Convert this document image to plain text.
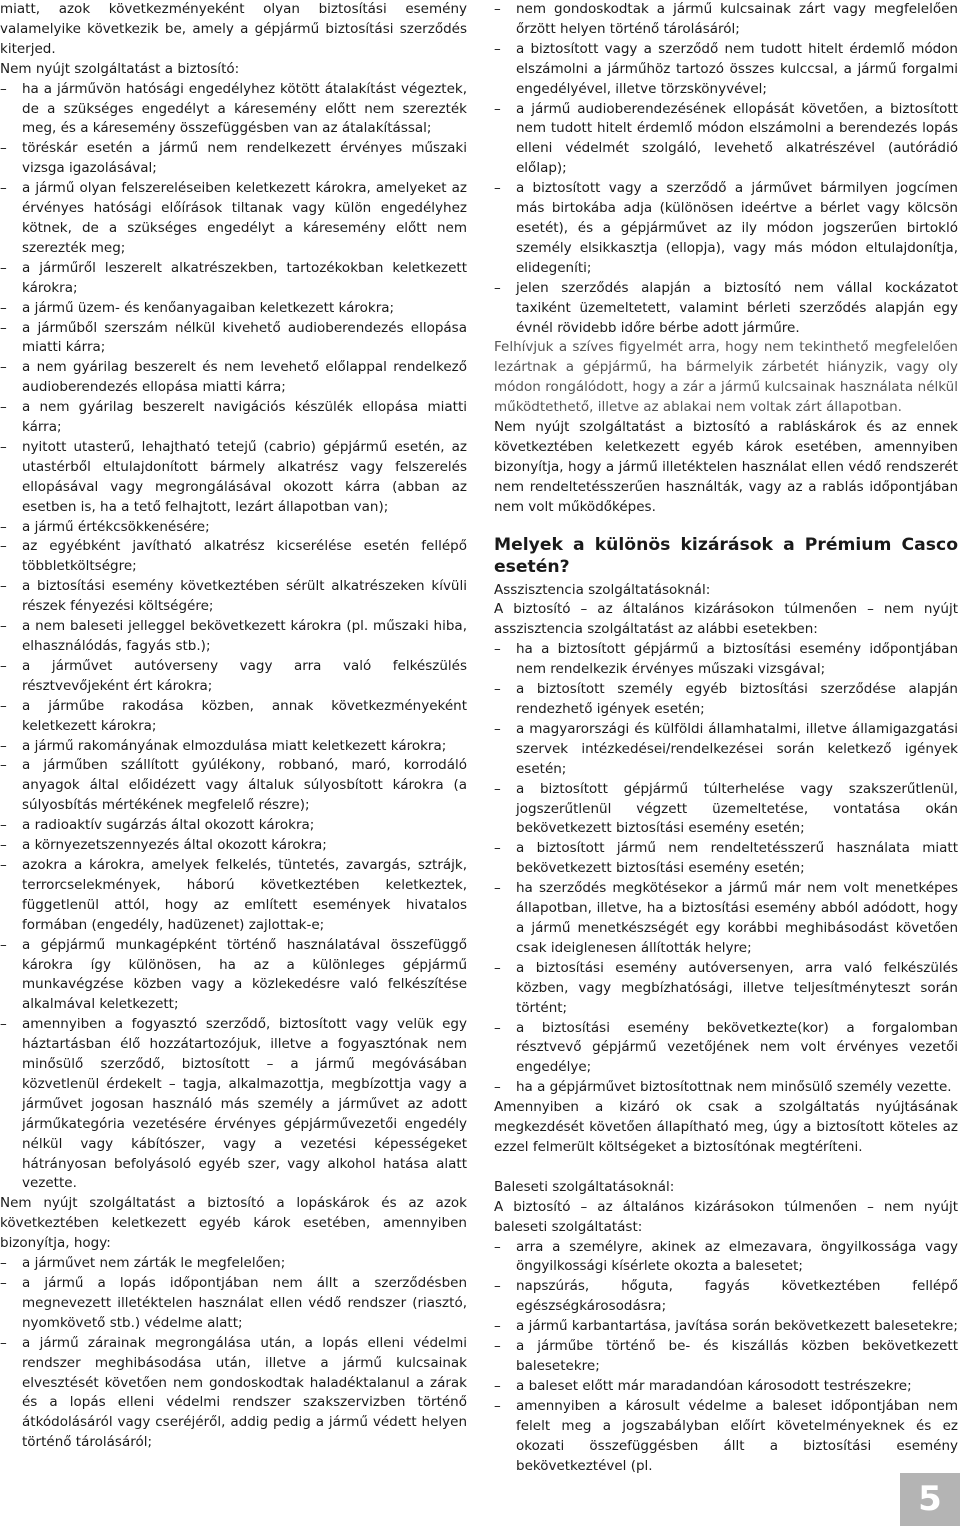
miatt, azok következményeként olyan biztosítási esemény valamelyike következik be, amely a gépjármű biztosítási szerződés kiterjed.

Nem nyújt szolgáltatást a biztosító:

– ha a járművön hatósági engedélyhez kötött átalakítást végeztek, de a szükséges engedélyt a káresemény előtt nem szerezték meg, és a káresemény összefüggésben van az átalakítással;
– töréskár esetén a jármű nem rendelkezett érvényes műszaki vizsga igazolásával;
– a jármű olyan felszereléseiben keletkezett károkra, amelyeket az érvényes hatósági előírások tiltanak vagy külön engedélyhez kötnek, de a szükséges engedélyt a káresemény előtt nem szerezték meg;
– a járműről leszerelt alkatrészekben, tartozékokban keletkezett károkra;
– a jármű üzem- és kenőanyagaiban keletkezett károkra;
– a járműből szerszám nélkül kivehető audioberendezés ellopása miatti kárra;
– a nem gyárilag beszerelt és nem levehető előlappal rendelkező audioberendezés ellopása miatti kárra;
– a nem gyárilag beszerelt navigációs készülék ellopása miatti kárra;
– nyitott utasterű, lehajtható tetejű (cabrio) gépjármű esetén, az utastérből eltulajdonított bármely alkatrész vagy felszerelés ellopásával vagy megrongálásával okozott kárra (abban az esetben is, ha a tető felhajtott, lezárt állapotban van);
– a jármű értékcsökkenésére;
– az egyébként javítható alkatrész kicserélése esetén fellépő többletköltségre;
– a biztosítási esemény következtében sérült alkatrészeken kívüli részek fényezési költségére;
– a nem baleseti jelleggel bekövetkezett károkra (pl. műszaki hiba, elhasználódás, fagyás stb.);
– a járművet autóverseny vagy arra való felkészülés résztvevőjeként ért károkra;
– a járműbe rakodása közben, annak következményeként keletkezett károkra;
– a jármű rakományának elmozdulása miatt keletkezett károkra;
– a járműben szállított gyúlékony, robbanó, maró, korrodáló anyagok által előidézett vagy általuk súlyosbított károkra (a súlyosbítás mértékének megfelelő részre);
– a radioaktív sugárzás által okozott károkra;
– a környezetszennyezés által okozott károkra;
– azokra a károkra, amelyek felkelés, tüntetés, zavargás, sztrájk, terrorcselekmények, háború következtében keletkeztek, függetlenül attól, hogy az említett események hivatalos formában (engedély, hadüzenet) zajlottak-e;
– a gépjármű munkagépként történő használatával összefüggő károkra így különösen, ha az a különleges gépjármű munkavégzése közben vagy a közlekedésre való felkészítése alkalmával keletkezett;
– amennyiben a fogyasztó szerződő, biztosított vagy velük egy háztartásban élő hozzátartozójuk, illetve a fogyasztónak nem minősülő szerződő, biztosított – a jármű megóvásában közvetlenül érdekelt – tagja, alkalmazottja, megbízottja vagy a járművet jogosan használó más személy a járművet az adott járműkategória vezetésére érvényes gépjárművezetői engedély nélkül vagy kábítószer, vagy a vezetési képességeket hátrányosan befolyásoló egyéb szer, vagy alkohol hatása alatt vezette.

Nem nyújt szolgáltatást a biztosító a lopáskárok és az azok következtében keletkezett egyéb károk esetében, amennyiben bizonyítja, hogy:

– a járművet nem zárták le megfelelően;
– a jármű a lopás időpontjában nem állt a szerződésben megnevezett illetéktelen használat ellen védő rendszer (riasztó, nyomkövető stb.) védelme alatt;
– a jármű zárainak megrongálása után, a lopás elleni védelmi rendszer meghibásodása után, illetve a jármű kulcsainak elvesztését követően nem gondoskodtak haladéktalanul a zárak és a lopás elleni védelmi rendszer szakszervizben történő átkódolásáról vagy cseréjéről, addig pedig a jármű védett helyen történő tárolásáról;
– nem gondoskodtak a jármű kulcsainak zárt vagy megfelelően őrzött helyen történő tárolásáról;
– a biztosított vagy a szerződő nem tudott hitelt érdemlő módon elszámolni a járműhöz tartozó összes kulccsal, a jármű forgalmi engedélyével, illetve törzskönyvével;
– a jármű audioberendezésének ellopását követően, a biztosított nem tudott hitelt érdemlő módon elszámolni a berendezés lopás elleni védelmét szolgáló, levehető alkatrészével (autórádió előlap);
– a biztosított vagy a szerződő a járművet bármilyen jogcímen más birtokába adja (különösen ideértve a bérlet vagy kölcsön esetét), és a gépjárművet az ily módon jogszerűen birtokló személy elsikkasztja (ellopja), vagy más módon eltulajdonítja, elidegeníti;
– jelen szerződés alapján a biztosító nem vállal kockázatot taxiként üzemeltetett, valamint bérleti szerződés alapján egy évnél rövidebb időre bérbe adott járműre.

Felhívjuk a szíves figyelmét arra, hogy nem tekinthető megfelelően lezártnak a gépjármű, ha bármelyik zárbetét hiányzik, vagy oly módon rongálódott, hogy a zár a jármű kulcsainak használata nélkül működtethető, illetve az ablakai nem voltak zárt állapotban.

Nem nyújt szolgáltatást a biztosító a rabláskárok és az ennek következtében keletkezett egyéb károk esetében, amennyiben bizonyítja, hogy a jármű illetéktelen használat ellen védő rendszerét nem rendeltetésszerűen használták, vagy az a rablás időpontjában nem volt működőképes.

Melyek a különös kizárások a Prémium Casco esetén?
Asszisztencia szolgáltatásoknál:

A biztosító – az általános kizárásokon túlmenően – nem nyújt asszisztencia szolgáltatást az alábbi esetekben:

– ha a biztosított gépjármű a biztosítási esemény időpontjában nem rendelkezik érvényes műszaki vizsgával;
– a biztosított személy egyéb biztosítási szerződése alapján rendezhető igények esetén;
– a magyarországi és külföldi államhatalmi, illetve államigazgatási szervek intézkedései/rendelkezései során keletkező igények esetén;
– a biztosított gépjármű túlterhelése vagy szakszerűtlenül, jogszerűtlenül végzett üzemeltetése, vontatása okán bekövetkezett biztosítási esemény esetén;
– a biztosított jármű nem rendeltetésszerű használata miatt bekövetkezett biztosítási esemény esetén;
– ha szerződés megkötésekor a jármű már nem volt menetképes állapotban, illetve, ha a biztosítási esemény abból adódott, hogy a jármű menetkészségét egy korábbi meghibásodást követően csak ideiglenesen állították helyre;
– a biztosítási esemény autóversenyen, arra való felkészülés közben, vagy megbízhatósági, illetve teljesítményteszt során történt;
– a biztosítási esemény bekövetkezte(kor) a forgalomban résztvevő gépjármű vezetőjének nem volt érvényes vezetői engedélye;
– ha a gépjárművet biztosítottnak nem minősülő személy vezette.

Amennyiben a kizáró ok csak a szolgáltatás nyújtásának megkezdését követően állapítható meg, úgy a biztosított köteles az ezzel felmerült költségeket a biztosítónak megtéríteni.

Baleseti szolgáltatásoknál:

A biztosító – az általános kizárásokon túlmenően – nem nyújt baleseti szolgáltatást:

– arra a személyre, akinek az elmezavara, öngyilkossága vagy öngyilkossági kísérlete okozta a balesetet;
– napszúrás, hőguta, fagyás következtében fellépő egészségkárosodásra;
– a jármű karbantartása, javítása során bekövetkezett balesetekre;
– a járműbe történő be- és kiszállás közben bekövetkezett balesetekre;
– a baleset előtt már maradandóan károsodott testrészekre;
– amennyiben a károsult védelme a baleset időpontjában nem felelt meg a jogszabályban előírt követelményeknek és ez okozati összefüggésben állt a biztosítási esemény bekövetkeztével (pl.
5
